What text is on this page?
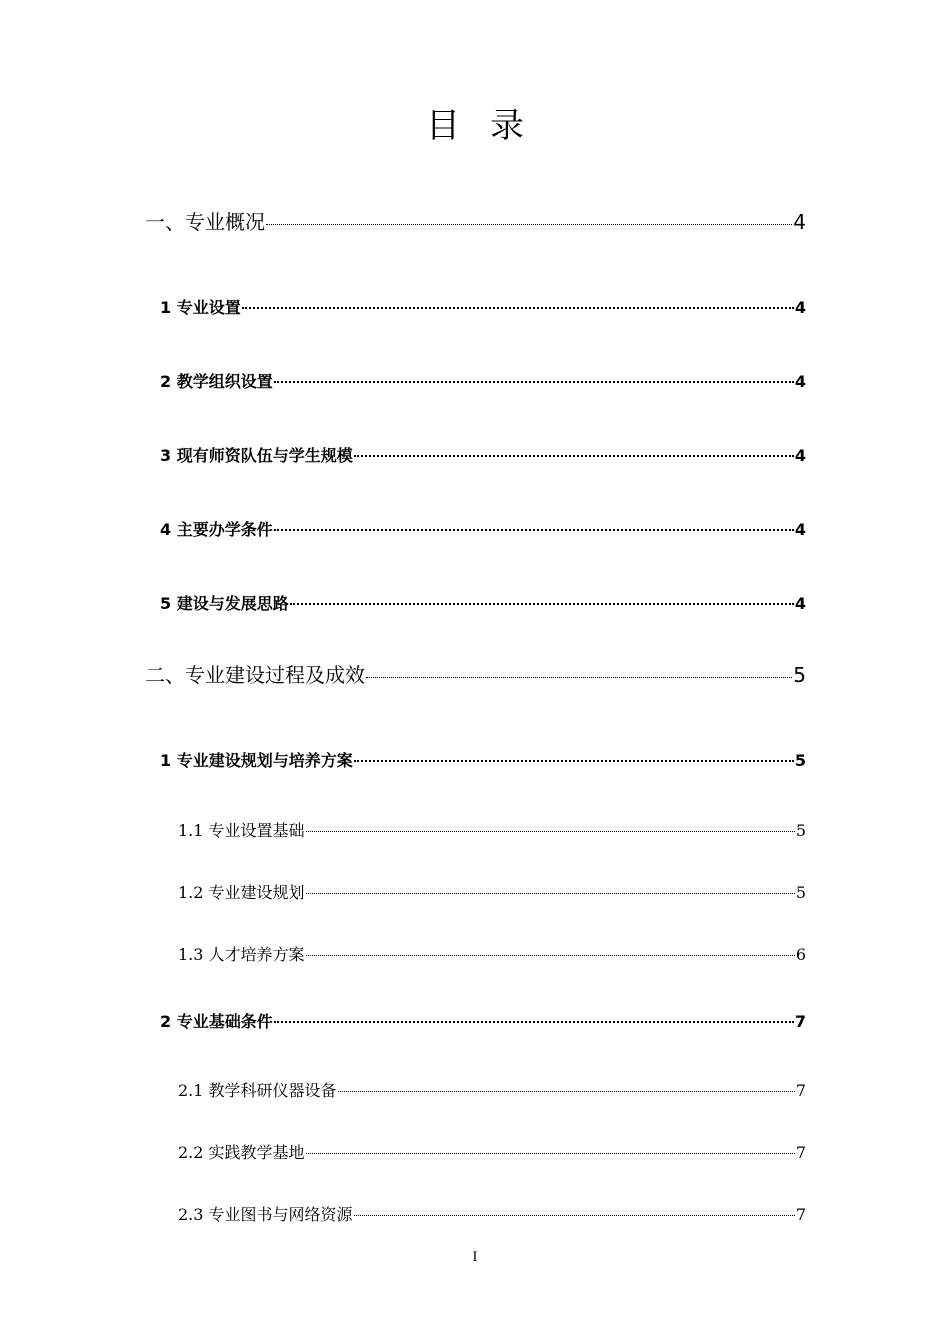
目录
一、专业概况	4
1 专业设置	4
2 教学组织设置	4
3 现有师资队伍与学生规模	4
4 主要办学条件	4
5 建设与发展思路	4
二、专业建设过程及成效	5
1 专业建设规划与培养方案	5
1.1 专业设置基础	5
1.2 专业建设规划	5
1.3 人才培养方案	6
2 专业基础条件	7
2.1 教学科研仪器设备	7
2.2 实践教学基地	7
2.3 专业图书与网络资源	7
I
